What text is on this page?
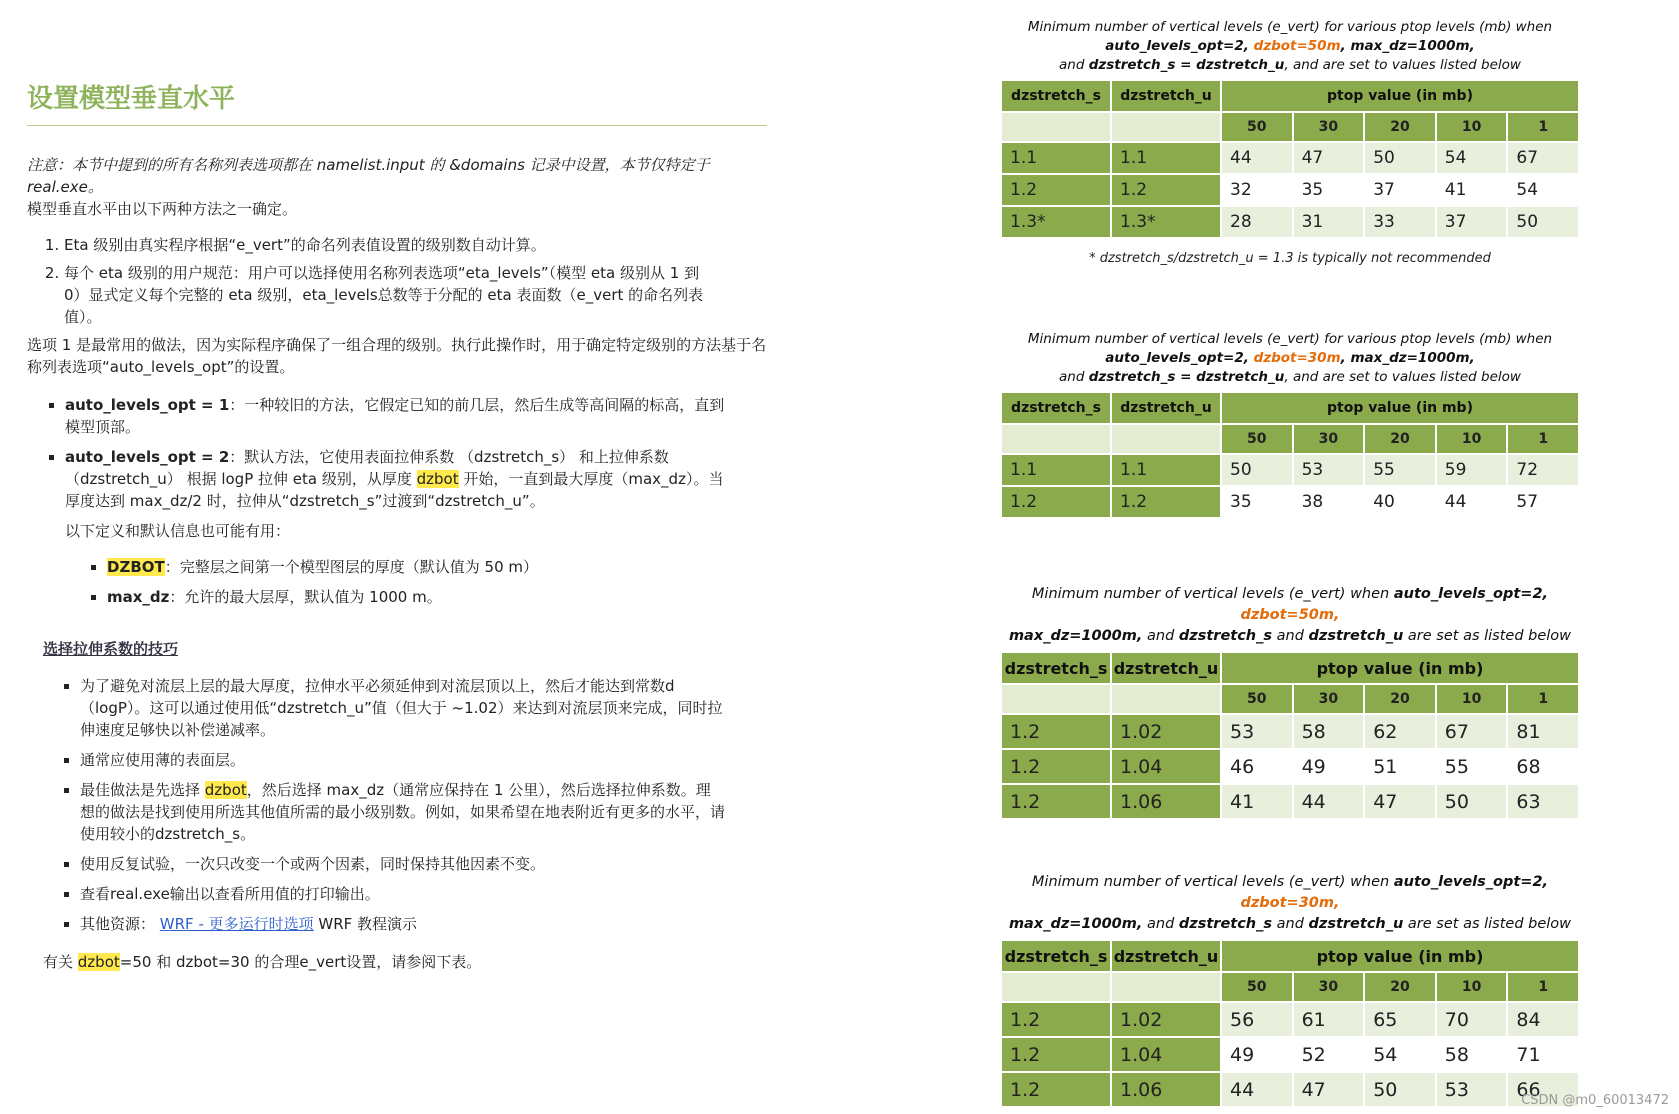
设置模型垂直水平

注意：本节中提到的所有名称列表选项都在 namelist.input 的 &domains 记录中设置，本节仅特定于 real.exe。

模型垂直水平由以下两种方法之一确定。

1. Eta 级别由真实程序根据“e_vert”的命名列表值设置的级别数自动计算。
2. 每个 eta 级别的用户规范：用户可以选择使用名称列表选项“eta_levels”（模型 eta 级别从 1 到 0）显式定义每个完整的 eta 级别，eta_levels总数等于分配的 eta 表面数（e_vert 的命名列表值）。

选项 1 是最常用的做法，因为实际程序确保了一组合理的级别。执行此操作时，用于确定特定级别的方法基于名称列表选项“auto_levels_opt”的设置。

▪ auto_levels_opt = 1：一种较旧的方法，它假定已知的前几层，然后生成等高间隔的标高，直到模型顶部。
▪ auto_levels_opt = 2：默认方法，它使用表面拉伸系数 （dzstretch_s） 和上拉伸系数 （dzstretch_u） 根据 logP 拉伸 eta 级别，从厚度 dzbot 开始，一直到最大厚度（max_dz）。当厚度达到 max_dz/2 时，拉伸从“dzstretch_s”过渡到“dzstretch_u”。

以下定义和默认信息也可能有用：

▪ DZBOT：完整层之间第一个模型图层的厚度（默认值为 50 m）
▪ max_dz：允许的最大层厚，默认值为 1000 m。
选择拉伸系数的技巧
▪ 为了避免对流层上层的最大厚度，拉伸水平必须延伸到对流层顶以上，然后才能达到常数d（logP）。这可以通过使用低“dzstretch_u”值（但大于 ~1.02）来达到对流层顶来完成，同时拉伸速度足够快以补偿递减率。
▪ 通常应使用薄的表面层。
▪ 最佳做法是先选择 dzbot，然后选择 max_dz（通常应保持在 1 公里），然后选择拉伸系数。理想的做法是找到使用所选其他值所需的最小级别数。例如，如果希望在地表附近有更多的水平，请使用较小的dzstretch_s。
▪ 使用反复试验，一次只改变一个或两个因素，同时保持其他因素不变。
▪ 查看real.exe输出以查看所用值的打印输出。
▪ 其他资源： WRF - 更多运行时选项 WRF 教程演示

有关 dzbot=50 和 dzbot=30 的合理e_vert设置，请参阅下表。

Minimum number of vertical levels (e_vert) for various ptop levels (mb) when
auto_levels_opt=2, dzbot=50m, max_dz=1000m,
and dzstretch_s = dzstretch_u, and are set to values listed below
dzstretch_s	dzstretch_u	ptop value (in mb)				
		50	30	20	10	1
1.1	1.1	44	47	50	54	67
1.2	1.2	32	35	37	41	54
1.3*	1.3*	28	31	33	37	50
* dzstretch_s/dzstretch_u = 1.3 is typically not recommended
Minimum number of vertical levels (e_vert) for various ptop levels (mb) when
auto_levels_opt=2, dzbot=30m, max_dz=1000m,
and dzstretch_s = dzstretch_u, and are set to values listed below
dzstretch_s	dzstretch_u	ptop value (in mb)				
		50	30	20	10	1
1.1	1.1	50	53	55	59	72
1.2	1.2	35	38	40	44	57
Minimum number of vertical levels (e_vert) when auto_levels_opt=2, dzbot=50m,
max_dz=1000m, and dzstretch_s and dzstretch_u are set as listed below
dzstretch_s	dzstretch_u	ptop value (in mb)				
		50	30	20	10	1
1.2	1.02	53	58	62	67	81
1.2	1.04	46	49	51	55	68
1.2	1.06	41	44	47	50	63
Minimum number of vertical levels (e_vert) when auto_levels_opt=2, dzbot=30m,
max_dz=1000m, and dzstretch_s and dzstretch_u are set as listed below
dzstretch_s	dzstretch_u	ptop value (in mb)				
		50	30	20	10	1
1.2	1.02	56	61	65	70	84
1.2	1.04	49	52	54	58	71
1.2	1.06	44	47	50	53	66
CSDN @m0_60013472
